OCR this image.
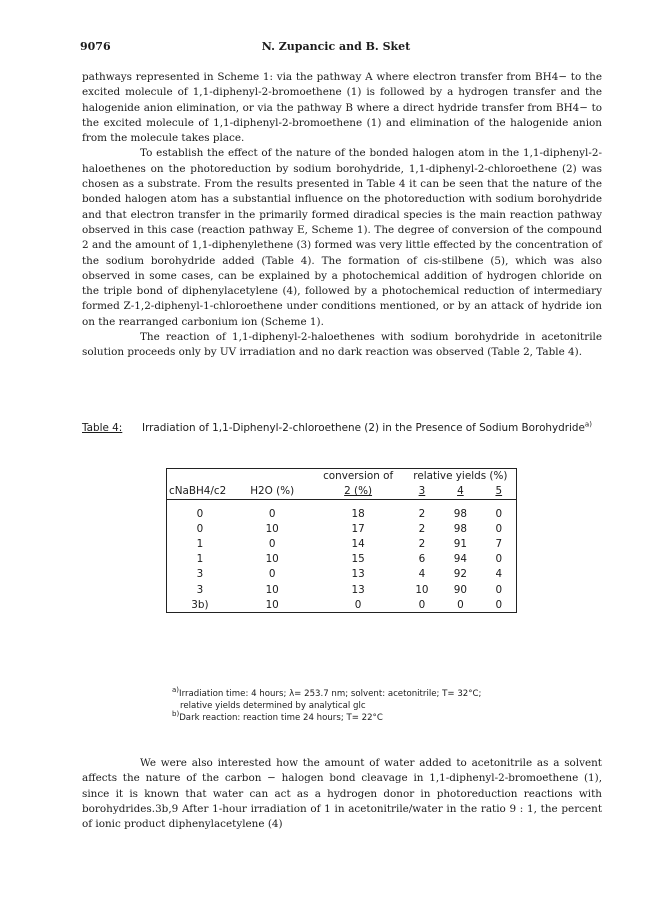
9076	N. Zupancic and B. Sket

pathways represented in Scheme 1: via the pathway A where electron transfer from BH4− to the excited molecule of 1,1-diphenyl-2-bromoethene (1) is followed by a hydrogen transfer and the halogenide anion elimination, or via the pathway B where a direct hydride transfer from BH4− to the excited molecule of 1,1-diphenyl-2-bromoethene (1) and elimination of the halogenide anion from the molecule takes place.

To establish the effect of the nature of the bonded halogen atom in the 1,1-diphenyl-2-haloethenes on the photoreduction by sodium borohydride, 1,1-diphenyl-2-chloroethene (2) was chosen as a substrate. From the results presented in Table 4 it can be seen that the nature of the bonded halogen atom has a substantial influence on the photoreduction with sodium borohydride and that electron transfer in the primarily formed diradical species is the main reaction pathway observed in this case (reaction pathway E, Scheme 1). The degree of conversion of the compound 2 and the amount of 1,1-diphenylethene (3) formed was very little effected by the concentration of the sodium borohydride added (Table 4). The formation of cis-stilbene (5), which was also observed in some cases, can be explained by a photochemical addition of hydrogen chloride on the triple bond of diphenylacetylene (4), followed by a photochemical reduction of intermediary formed Z-1,2-diphenyl-1-chloroethene under conditions mentioned, or by an attack of hydride ion on the rearranged carbonium ion (Scheme 1).

The reaction of 1,1-diphenyl-2-haloethenes with sodium borohydride in acetonitrile solution proceeds only by UV irradiation and no dark reaction was observed (Table 2, Table 4).

Table 4: Irradiation of 1,1-Diphenyl-2-chloroethene (2) in the Presence of Sodium Borohydride$^{a)}$
		conversion of	relative yields (%)		
cNaBH4/c2	H2O (%)	2 (%)	3	4	5

0	0	18	2	98	0
0	10	17	2	98	0
1	0	14	2	91	7
1	10	15	6	94	0
3	0	13	4	92	4
3	10	13	10	90	0
3b)	10	0	0	0	0
$^{a)}$Irradiation time: 4 hours; λ= 253.7 nm; solvent: acetonitrile; T= 32°C;
relative yields determined by analytical glc
$^{b)}$Dark reaction: reaction time 24 hours; T= 22°C

We were also interested how the amount of water added to acetonitrile as a solvent affects the nature of the carbon − halogen bond cleavage in 1,1-diphenyl-2-bromoethene (1), since it is known that water can act as a hydrogen donor in photoreduction reactions with borohydrides.3b,9 After 1-hour irradiation of 1 in acetonitrile/water in the ratio 9 : 1, the percent of ionic product diphenylacetylene (4)
